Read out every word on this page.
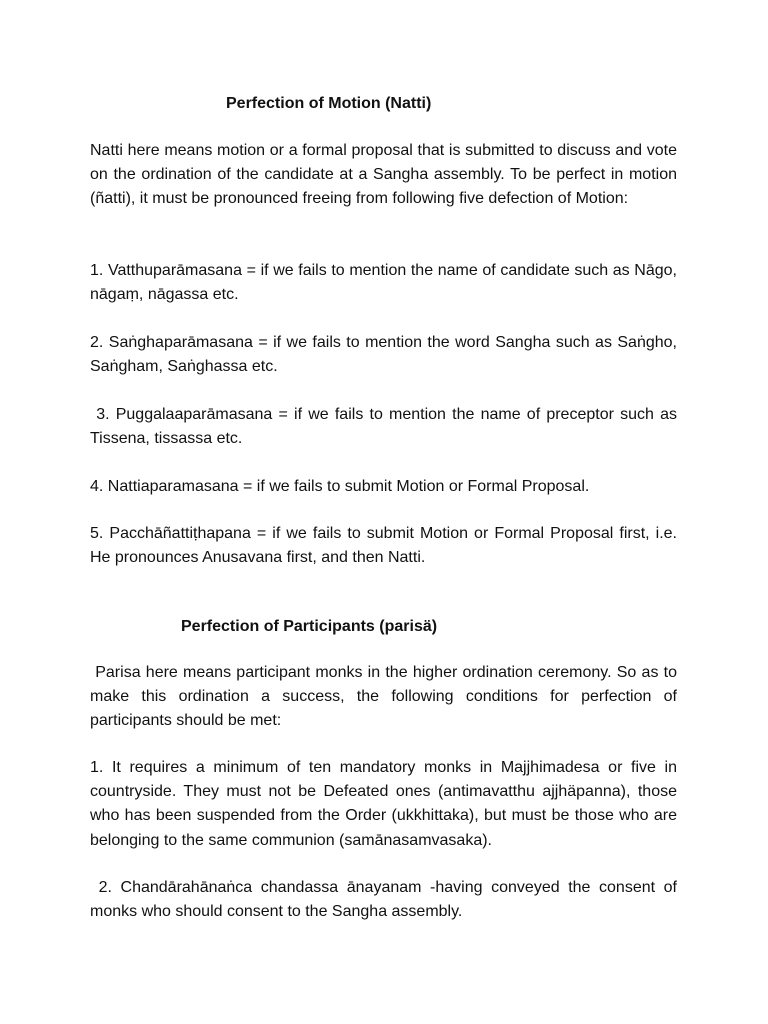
Perfection of Motion (Natti)

Natti here means motion or a formal proposal that is submitted to discuss and vote on the ordination of the candidate at a Sangha assembly. To be perfect in motion (ñatti), it must be pronounced freeing from following five defection of Motion:

1. Vatthuparāmasana = if we fails to mention the name of candidate such as Nāgo, nāgaṃ, nāgassa etc.

2. Saṅghaparāmasana = if we fails to mention the word Sangha such as Saṅgho, Saṅgham, Saṅghassa etc.

3. Puggalaaparāmasana = if we fails to mention the name of preceptor such as Tissena, tissassa etc.

4. Nattiaparamasana = if we fails to submit Motion or Formal Proposal.

5. Pacchāñattiṭhapana = if we fails to submit Motion or Formal Proposal first, i.e. He pronounces Anusavana first, and then Natti.

Perfection of Participants (parisä)

Parisa here means participant monks in the higher ordination ceremony. So as to make this ordination a success, the following conditions for perfection of participants should be met:

1. It requires a minimum of ten mandatory monks in Majjhimadesa or five in countryside. They must not be Defeated ones (antimavatthu ajjhäpanna), those who has been suspended from the Order (ukkhittaka), but must be those who are belonging to the same communion (samānasamvasaka).

2. Chandārahānaṅca chandassa ānayanam -having conveyed the consent of monks who should consent to the Sangha assembly.
